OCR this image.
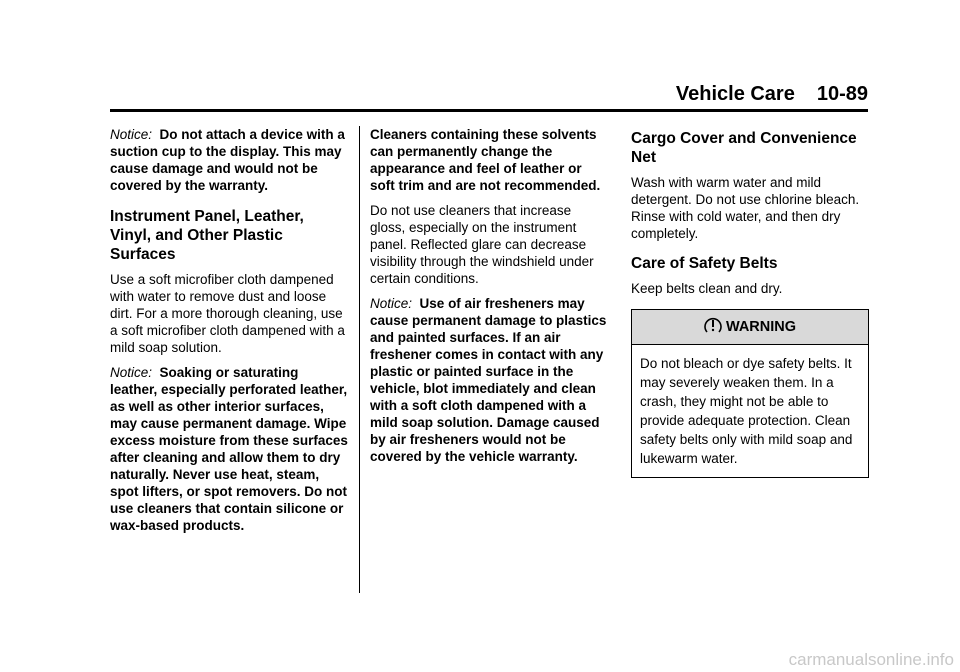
Vehicle Care 10-89

Notice: Do not attach a device with a suction cup to the display. This may cause damage and would not be covered by the warranty.

Instrument Panel, Leather, Vinyl, and Other Plastic Surfaces

Use a soft microfiber cloth dampened with water to remove dust and loose dirt. For a more thorough cleaning, use a soft microfiber cloth dampened with a mild soap solution.

Notice: Soaking or saturating leather, especially perforated leather, as well as other interior surfaces, may cause permanent damage. Wipe excess moisture from these surfaces after cleaning and allow them to dry naturally. Never use heat, steam, spot lifters, or spot removers. Do not use cleaners that contain silicone or wax-based products.

Cleaners containing these solvents can permanently change the appearance and feel of leather or soft trim and are not recommended.

Do not use cleaners that increase gloss, especially on the instrument panel. Reflected glare can decrease visibility through the windshield under certain conditions.

Notice: Use of air fresheners may cause permanent damage to plastics and painted surfaces. If an air freshener comes in contact with any plastic or painted surface in the vehicle, blot immediately and clean with a soft cloth dampened with a mild soap solution. Damage caused by air fresheners would not be covered by the vehicle warranty.

Cargo Cover and Convenience Net

Wash with warm water and mild detergent. Do not use chlorine bleach. Rinse with cold water, and then dry completely.

Care of Safety Belts

Keep belts clean and dry.

WARNING
Do not bleach or dye safety belts. It may severely weaken them. In a crash, they might not be able to provide adequate protection. Clean safety belts only with mild soap and lukewarm water.
carmanualsonline.info
